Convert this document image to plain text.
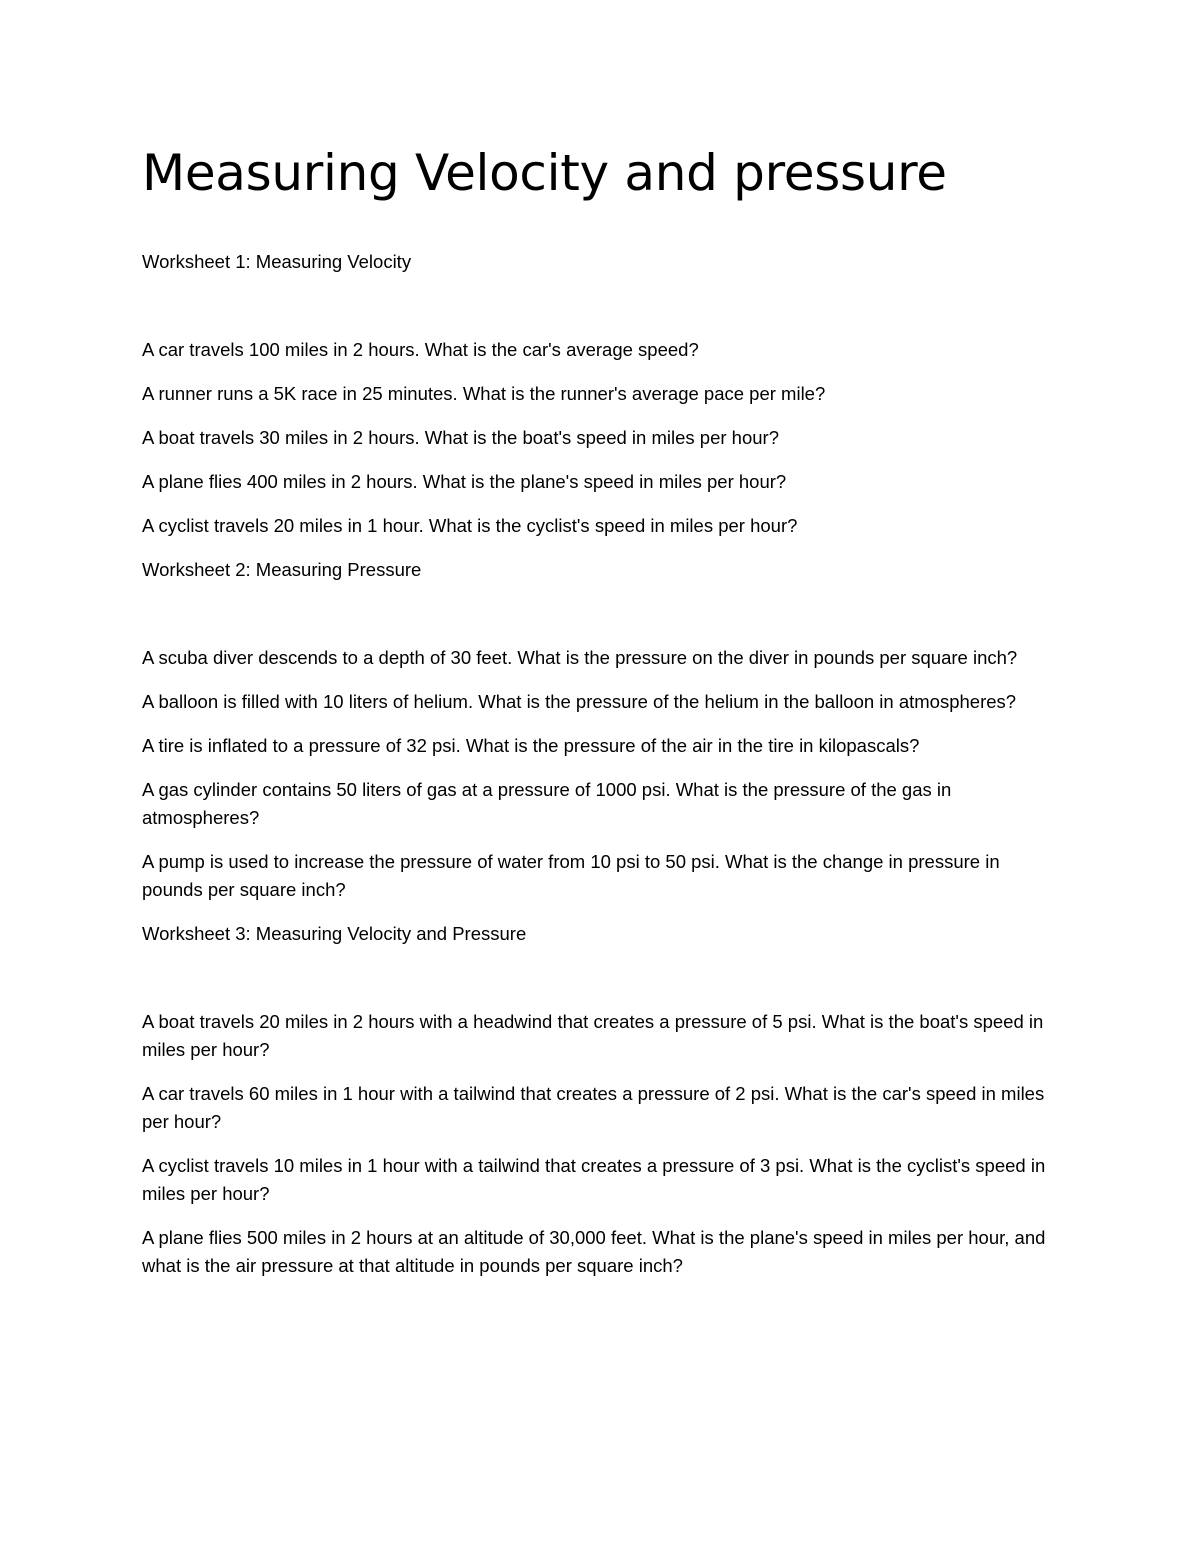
Measuring Velocity and pressure

Worksheet 1: Measuring Velocity

A car travels 100 miles in 2 hours. What is the car's average speed?

A runner runs a 5K race in 25 minutes. What is the runner's average pace per mile?

A boat travels 30 miles in 2 hours. What is the boat's speed in miles per hour?

A plane flies 400 miles in 2 hours. What is the plane's speed in miles per hour?

A cyclist travels 20 miles in 1 hour. What is the cyclist's speed in miles per hour?

Worksheet 2: Measuring Pressure

A scuba diver descends to a depth of 30 feet. What is the pressure on the diver in pounds per square inch?

A balloon is filled with 10 liters of helium. What is the pressure of the helium in the balloon in atmospheres?

A tire is inflated to a pressure of 32 psi. What is the pressure of the air in the tire in kilopascals?

A gas cylinder contains 50 liters of gas at a pressure of 1000 psi. What is the pressure of the gas in atmospheres?

A pump is used to increase the pressure of water from 10 psi to 50 psi. What is the change in pressure in pounds per square inch?

Worksheet 3: Measuring Velocity and Pressure

A boat travels 20 miles in 2 hours with a headwind that creates a pressure of 5 psi. What is the boat's speed in miles per hour?

A car travels 60 miles in 1 hour with a tailwind that creates a pressure of 2 psi. What is the car's speed in miles per hour?

A cyclist travels 10 miles in 1 hour with a tailwind that creates a pressure of 3 psi. What is the cyclist's speed in miles per hour?

A plane flies 500 miles in 2 hours at an altitude of 30,000 feet. What is the plane's speed in miles per hour, and what is the air pressure at that altitude in pounds per square inch?
